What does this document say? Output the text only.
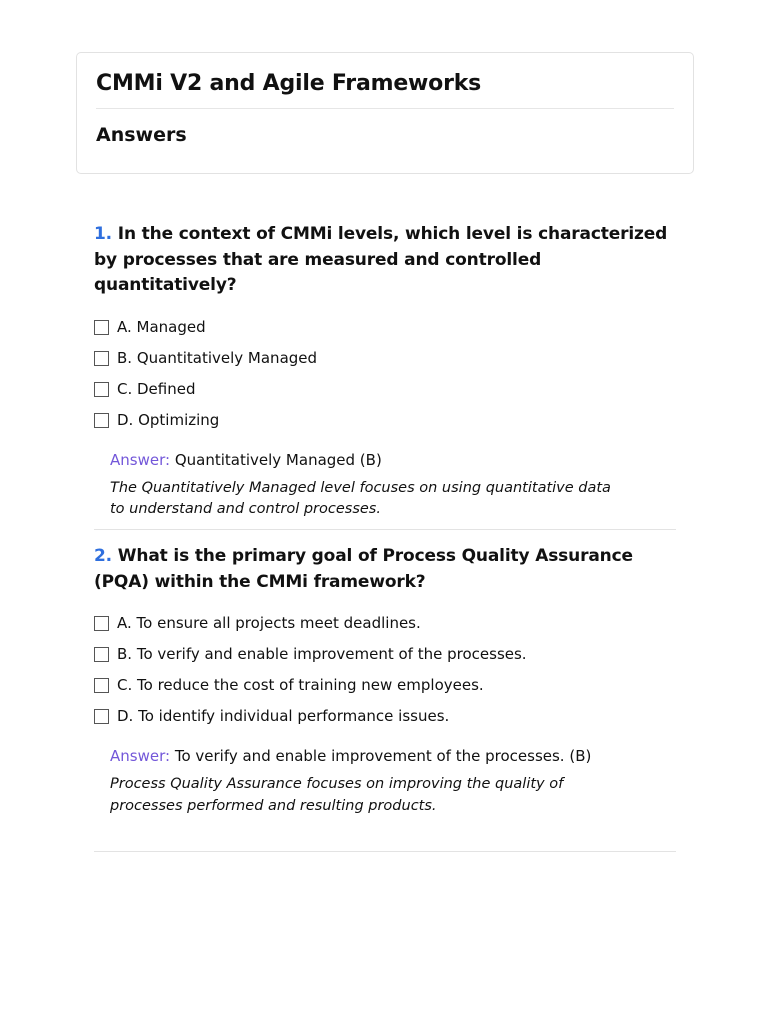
CMMi V2 and Agile Frameworks
Answers
1. In the context of CMMi levels, which level is characterized by processes that are measured and controlled quantitatively?
A. Managed
B. Quantitatively Managed
C. Defined
D. Optimizing
Answer: Quantitatively Managed (B)
The Quantitatively Managed level focuses on using quantitative data to understand and control processes.
2. What is the primary goal of Process Quality Assurance (PQA) within the CMMi framework?
A. To ensure all projects meet deadlines.
B. To verify and enable improvement of the processes.
C. To reduce the cost of training new employees.
D. To identify individual performance issues.
Answer: To verify and enable improvement of the processes. (B)
Process Quality Assurance focuses on improving the quality of processes performed and resulting products.
